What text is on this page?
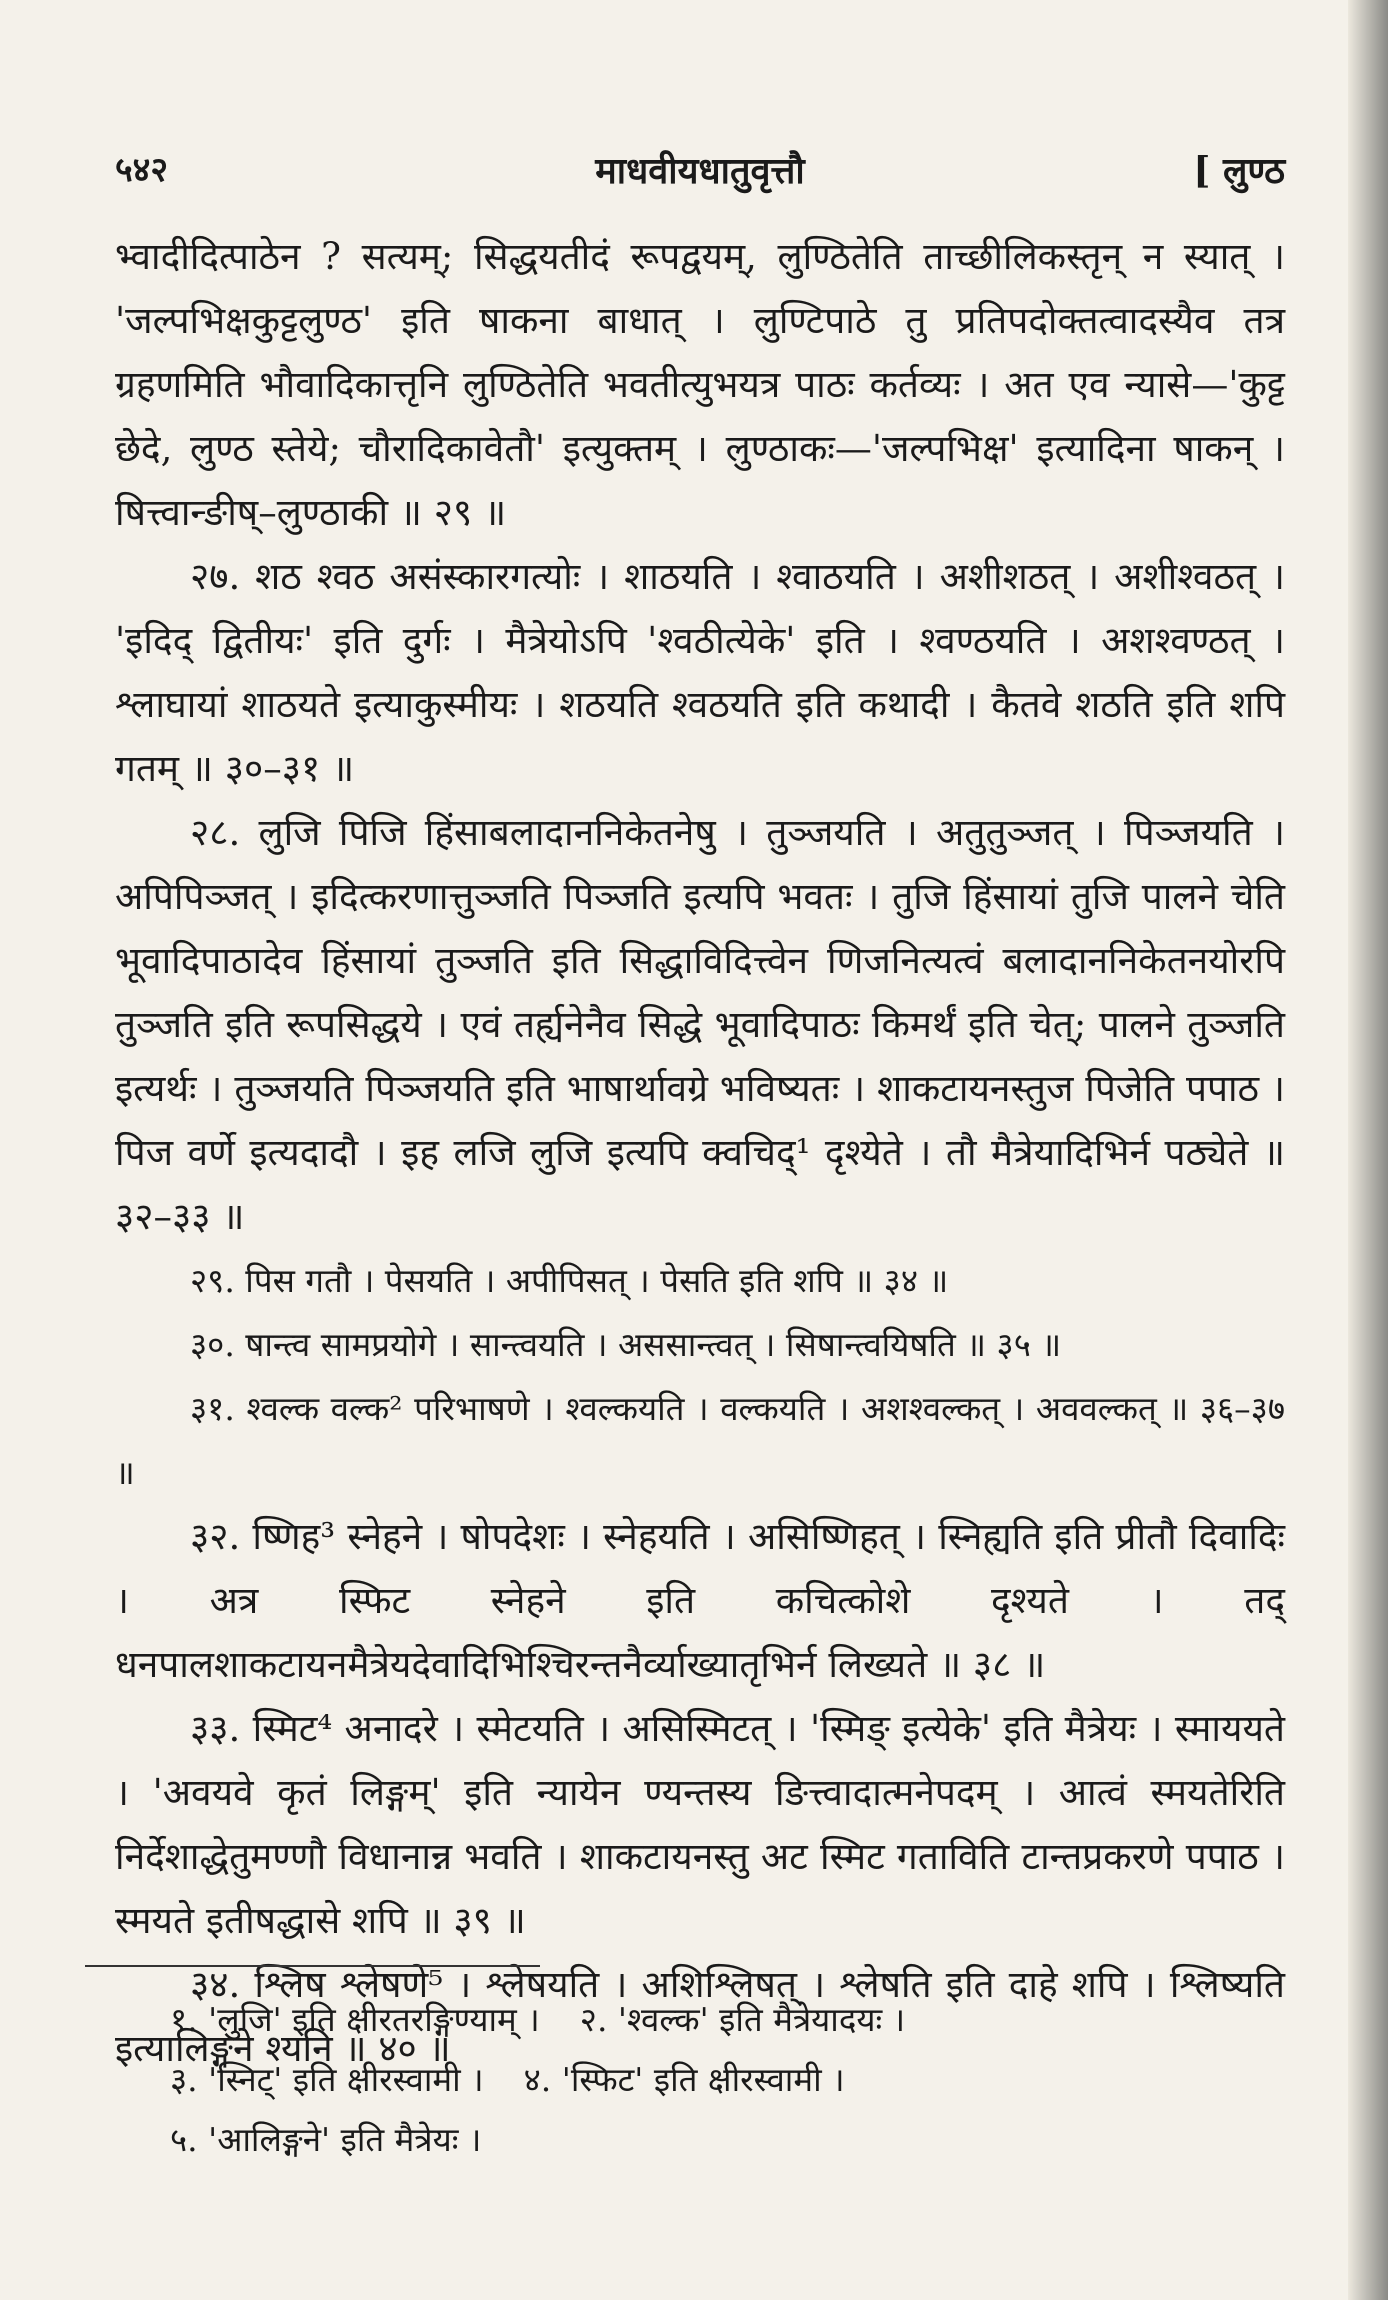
५४२	माधवीयधातुवृत्तौ	[ लुण्ठ

भ्वादीदित्पाठेन ? सत्यम्; सिद्धयतीदं रूपद्वयम्, लुण्ठितेति ताच्छीलिकस्तृन् न स्यात् । 'जल्पभिक्षकुट्टलुण्ठ' इति षाकना बाधात् । लुण्टिपाठे तु प्रतिपदोक्तत्वादस्यैव तत्र ग्रहणमिति भौवादिकात्तृनि लुण्ठितेति भवतीत्युभयत्र पाठः कर्तव्यः । अत एव न्यासे—'कुट्ट छेदे, लुण्ठ स्तेये; चौरादिकावेतौ' इत्युक्तम् । लुण्ठाकः—'जल्पभिक्ष' इत्यादिना षाकन् । षित्त्वान्ङीष्–लुण्ठाकी ॥ २९ ॥

२७. शठ श्वठ असंस्कारगत्योः । शाठयति । श्वाठयति । अशीशठत् । अशीश्वठत् । 'इदिद् द्वितीयः' इति दुर्गः । मैत्रेयोऽपि 'श्वठीत्येके' इति । श्वण्ठयति । अशश्वण्ठत् । श्लाघायां शाठयते इत्याकुस्मीयः । शठयति श्वठयति इति कथादी । कैतवे शठति इति शपि गतम् ॥ ३०–३१ ॥

२८. लुजि पिजि हिंसाबलादाननिकेतनेषु । तुञ्जयति । अतुतुञ्जत् । पिञ्जयति । अपिपिञ्जत् । इदित्करणात्तुञ्जति पिञ्जति इत्यपि भवतः । तुजि हिंसायां तुजि पालने चेति भूवादिपाठादेव हिंसायां तुञ्जति इति सिद्धाविदित्त्वेन णिजनित्यत्वं बलादाननिकेतनयोरपि तुञ्जति इति रूपसिद्धये । एवं तर्ह्यनेनैव सिद्धे भूवादिपाठः किमर्थं इति चेत्; पालने तुञ्जति इत्यर्थः । तुञ्जयति पिञ्जयति इति भाषार्थावग्रे भविष्यतः । शाकटायनस्तुज पिजेति पपाठ । पिज वर्णे इत्यदादौ । इह लजि लुजि इत्यपि क्वचिद्¹ दृश्येते । तौ मैत्रेयादिभिर्न पठ्येते ॥ ३२–३३ ॥

२९. पिस गतौ । पेसयति । अपीपिसत् । पेसति इति शपि ॥ ३४ ॥

३०. षान्त्व सामप्रयोगे । सान्त्वयति । अससान्त्वत् । सिषान्त्वयिषति ॥ ३५ ॥

३१. श्वल्क वल्क² परिभाषणे । श्वल्कयति । वल्कयति । अशश्वल्कत् । अववल्कत् ॥ ३६–३७ ॥

३२. ष्णिह³ स्नेहने । षोपदेशः । स्नेहयति । असिष्णिहत् । स्निह्यति इति प्रीतौ दिवादिः । अत्र स्फिट स्नेहने इति कचित्कोशे दृश्यते । तद् धनपालशाकटायनमैत्रेयदेवादिभिश्चिरन्तनैर्व्याख्यातृभिर्न लिख्यते ॥ ३८ ॥

३३. स्मिट⁴ अनादरे । स्मेटयति । असिस्मिटत् । 'स्मिङ् इत्येके' इति मैत्रेयः । स्माययते । 'अवयवे कृतं लिङ्गम्' इति न्यायेन ण्यन्तस्य ङित्त्वादात्मनेपदम् । आत्वं स्मयतेरिति निर्देशाद्धेतुमण्णौ विधानान्न भवति । शाकटायनस्तु अट स्मिट गताविति टान्तप्रकरणे पपाठ । स्मयते इतीषद्धासे शपि ॥ ३९ ॥

३४. श्लिष श्लेषणे⁵ । श्लेषयति । अशिश्लिषत् । श्लेषति इति दाहे शपि । श्लिष्यति इत्यालिङ्गने श्यनि ॥ ४० ॥

१. 'लुजि' इति क्षीरतरङ्गिण्याम् । २. 'श्वल्क' इति मैत्रेयादयः ।
३. 'स्निट्' इति क्षीरस्वामी । ४. 'स्फिट' इति क्षीरस्वामी ।
५. 'आलिङ्गने' इति मैत्रेयः ।
